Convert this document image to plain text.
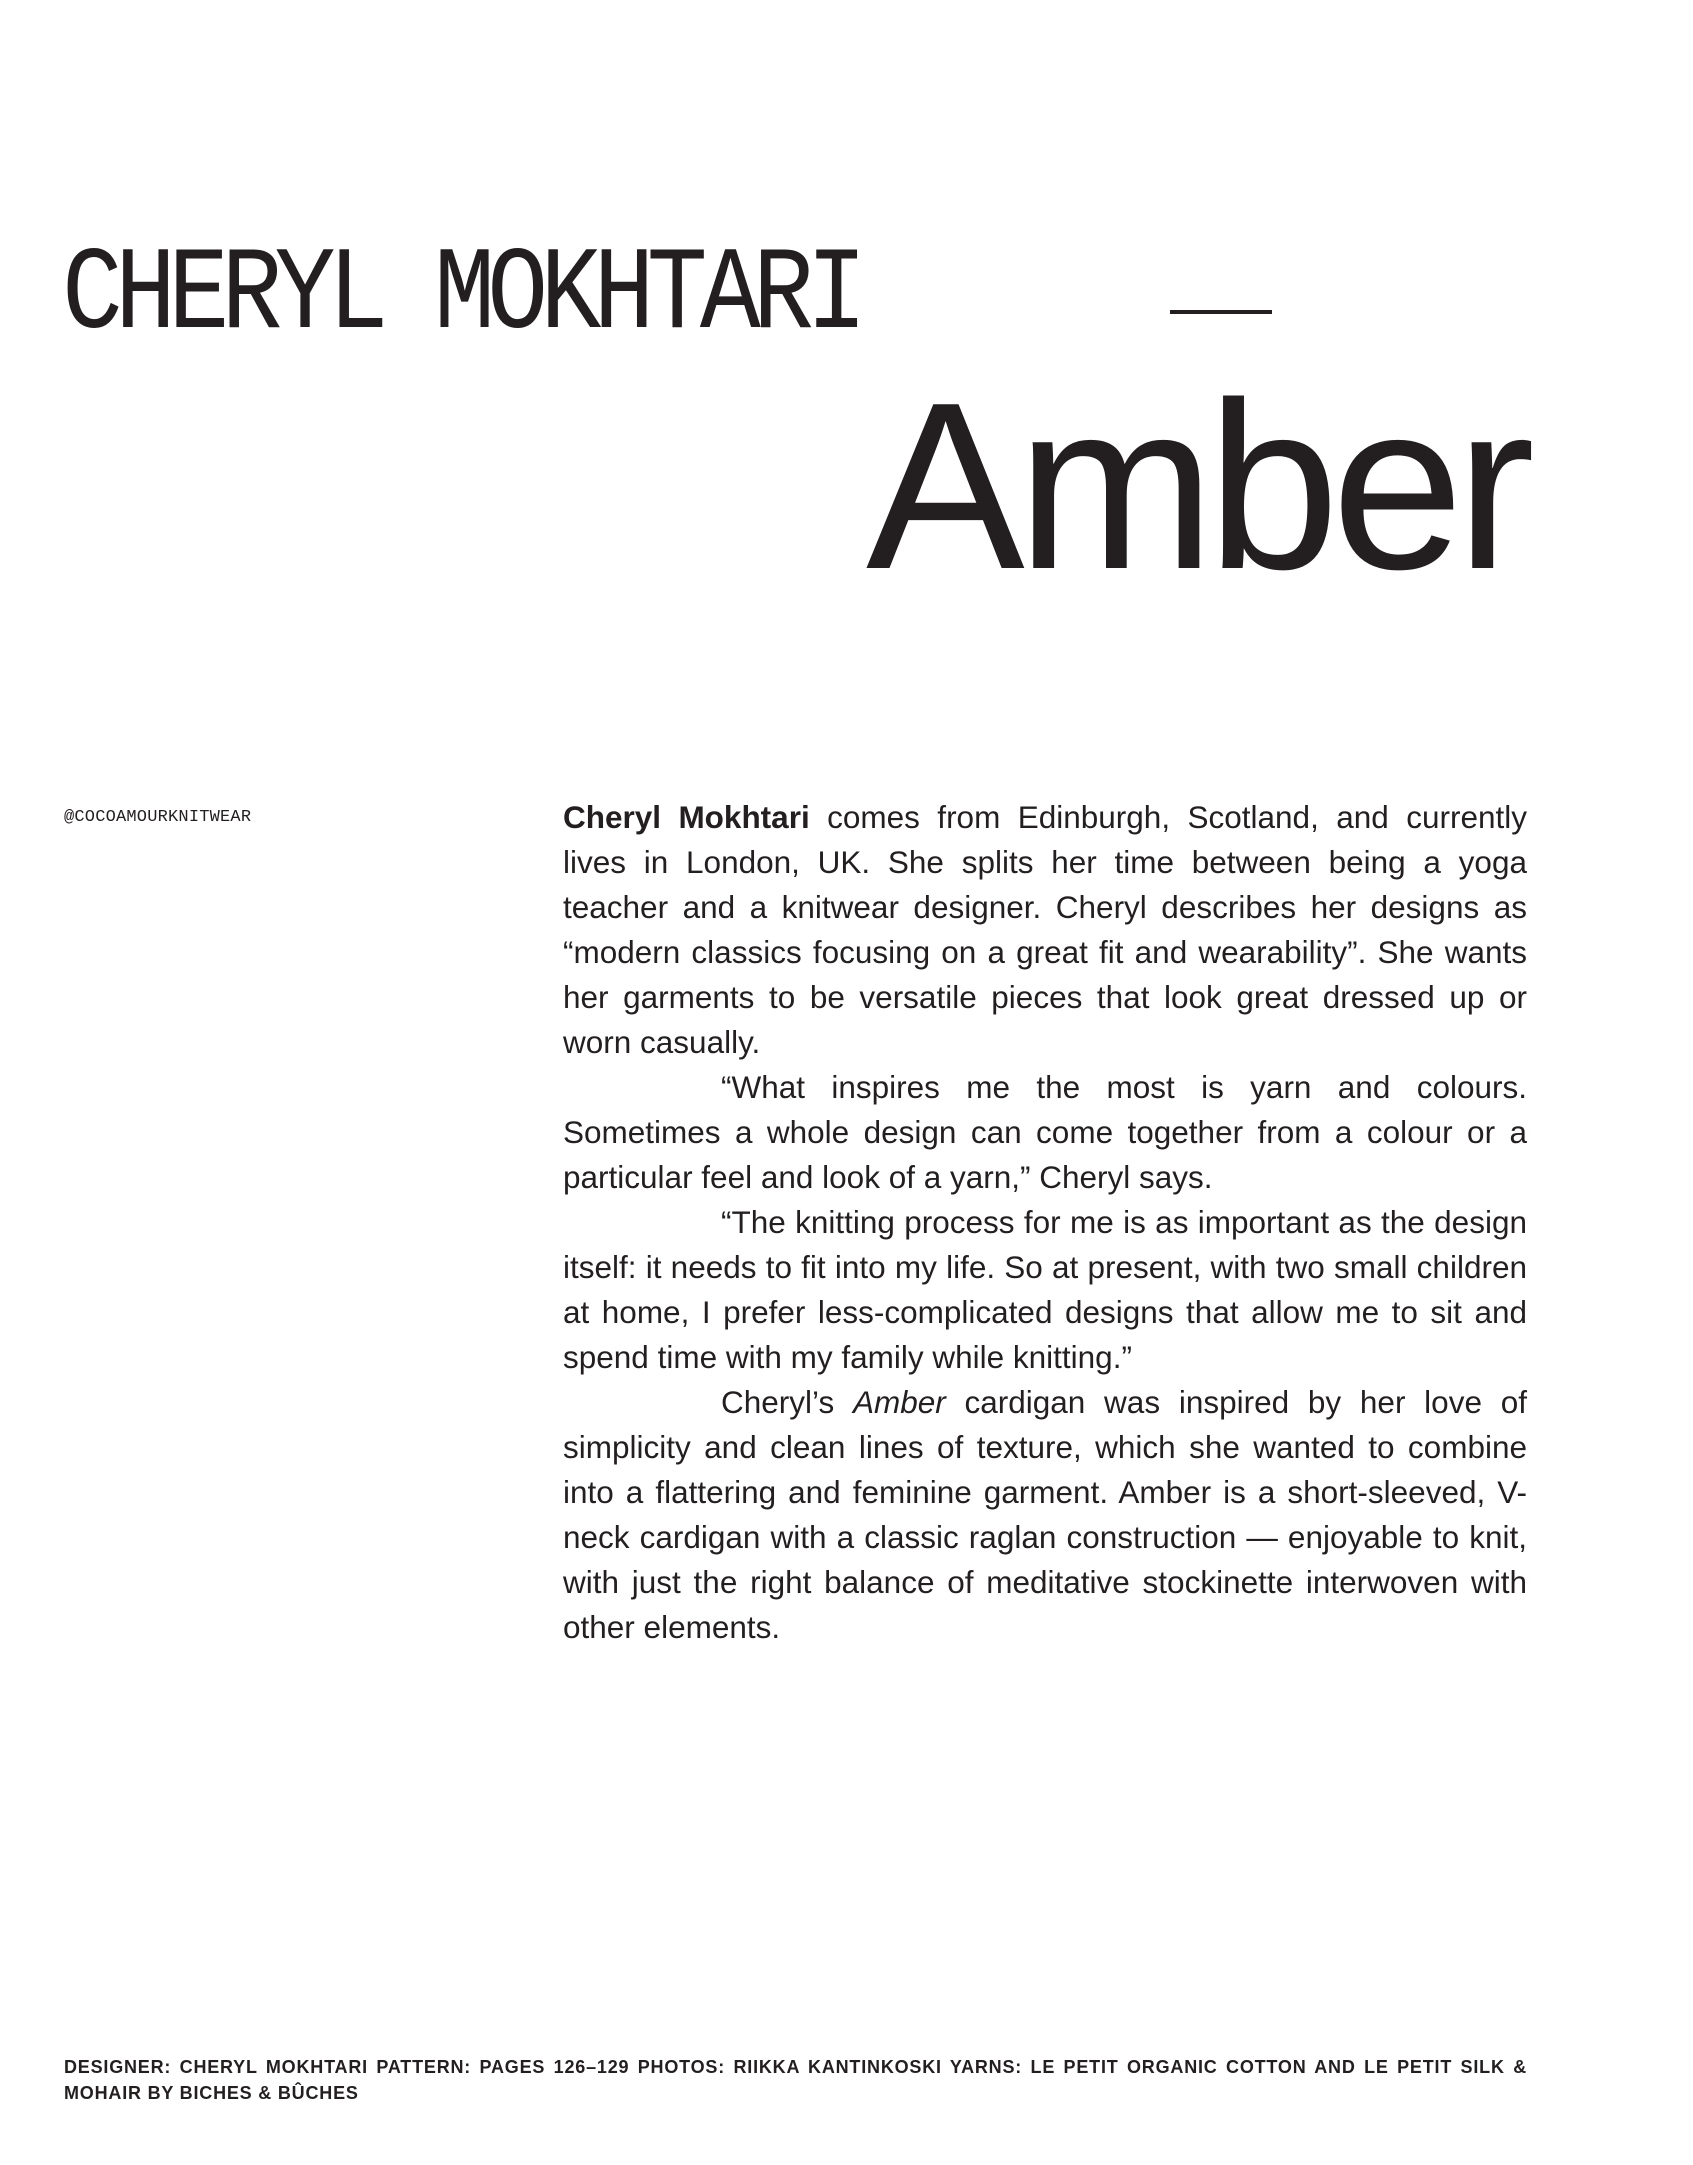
CHERYL MOKHTARI
Amber
@COCOAMOURKNITWEAR	Cheryl Mokhtari comes from Edinburgh, Scotland, and currently lives in London, UK. She splits her time between being a yoga teacher and a knitwear designer. Cheryl describes her designs as “modern classics focusing on a great fit and wearability”. She wants her garments to be versatile pieces that look great dressed up or worn casually.

“What inspires me the most is yarn and colours. Sometimes a whole design can come together from a colour or a particular feel and look of a yarn,” Cheryl says.

“The knitting process for me is as important as the design itself: it needs to fit into my life. So at present, with two small children at home, I prefer less-complicated designs that allow me to sit and spend time with my family while knitting.”

Cheryl’s Amber cardigan was inspired by her love of simplicity and clean lines of texture, which she wanted to combine into a flattering and feminine garment. Amber is a short-sleeved, V-neck cardigan with a classic raglan construction — enjoyable to knit, with just the right balance of meditative stockinette interwoven with other elements.

DESIGNER: CHERYL MOKHTARI PATTERN: PAGES 126–129 PHOTOS: RIIKKA KANTINKOSKI YARNS: LE PETIT ORGANIC COTTON AND LE PETIT SILK & MOHAIR BY BICHES & BÛCHES
